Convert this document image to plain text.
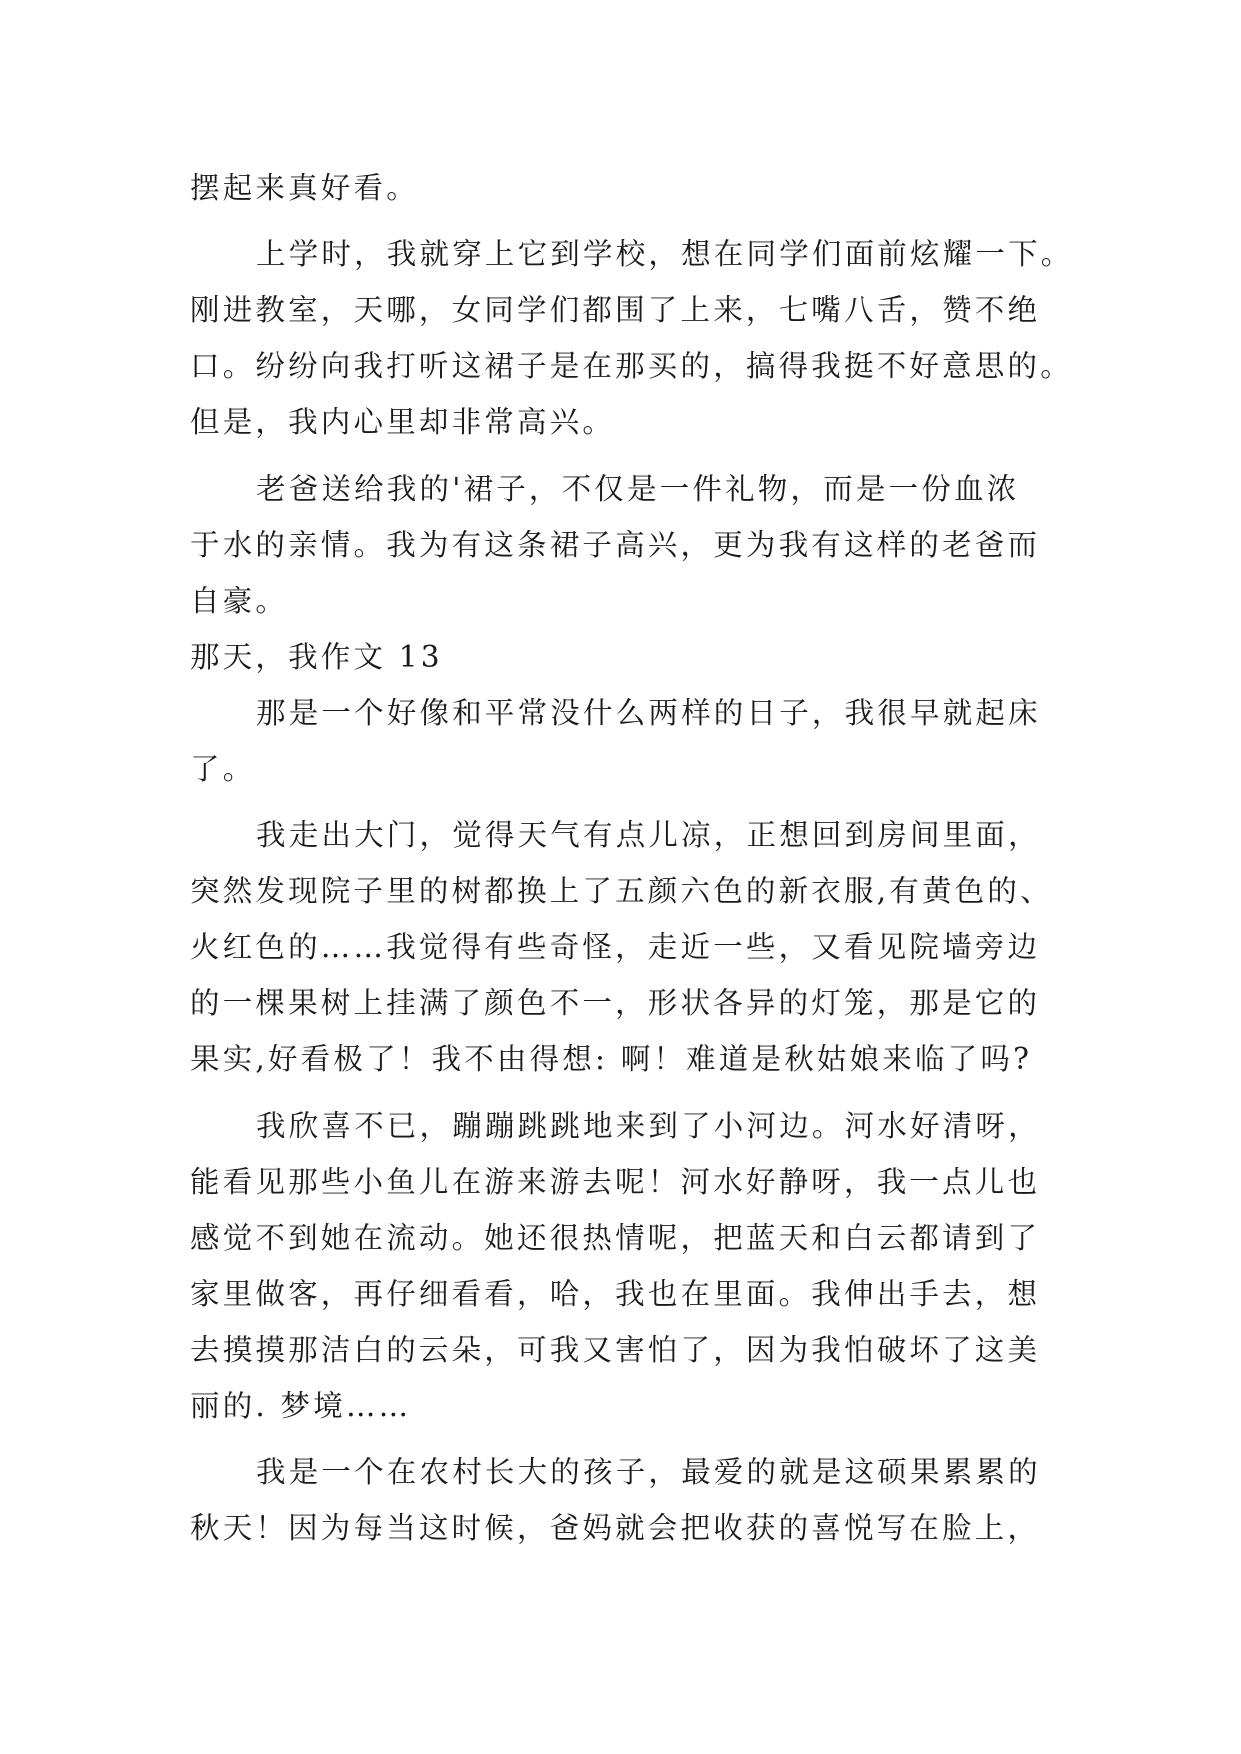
摆起来真好看。
上学时，我就穿上它到学校，想在同学们面前炫耀一下。
刚进教室，天哪，女同学们都围了上来，七嘴八舌，赞不绝
口。纷纷向我打听这裙子是在那买的，搞得我挺不好意思的。
但是，我内心里却非常高兴。
老爸送给我的'裙子，不仅是一件礼物，而是一份血浓
于水的亲情。我为有这条裙子高兴，更为我有这样的老爸而
自豪。
那天，我作文 13
那是一个好像和平常没什么两样的日子，我很早就起床
了。
我走出大门，觉得天气有点儿凉，正想回到房间里面，
突然发现院子里的树都换上了五颜六色的新衣服,有黄色的、
火红色的……我觉得有些奇怪，走近一些，又看见院墙旁边
的一棵果树上挂满了颜色不一，形状各异的灯笼，那是它的
果实,好看极了！我不由得想: 啊！难道是秋姑娘来临了吗?
我欣喜不已，蹦蹦跳跳地来到了小河边。河水好清呀，
能看见那些小鱼儿在游来游去呢！河水好静呀，我一点儿也
感觉不到她在流动。她还很热情呢，把蓝天和白云都请到了
家里做客，再仔细看看，哈，我也在里面。我伸出手去，想
去摸摸那洁白的云朵，可我又害怕了，因为我怕破坏了这美
丽的. 梦境……
我是一个在农村长大的孩子，最爱的就是这硕果累累的
秋天！因为每当这时候，爸妈就会把收获的喜悦写在脸上，
